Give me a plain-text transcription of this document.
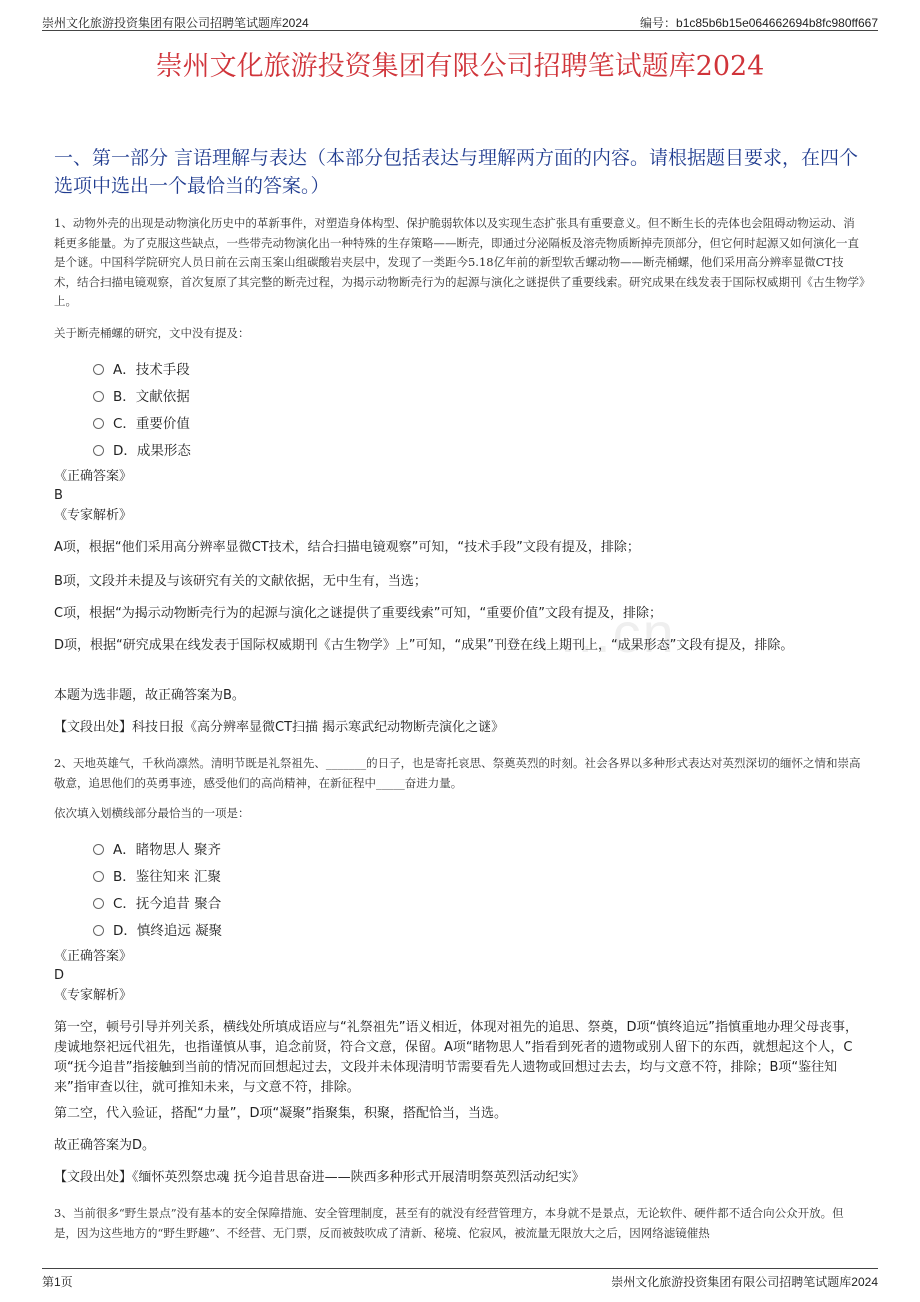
崇州文化旅游投资集团有限公司招聘笔试题库2024	编号：b1c85b6b15e064662694b8fc980ff667
崇州文化旅游投资集团有限公司招聘笔试题库2024
一、第一部分 言语理解与表达（本部分包括表达与理解两方面的内容。请根据题目要求，在四个选项中选出一个最恰当的答案。）
...cn

1、动物外壳的出现是动物演化历史中的革新事件，对塑造身体构型、保护脆弱软体以及实现生态扩张具有重要意义。但不断生长的壳体也会阻碍动物运动、消耗更多能量。为了克服这些缺点，一些带壳动物演化出一种特殊的生存策略——断壳，即通过分泌隔板及溶壳物质断掉壳顶部分，但它何时起源又如何演化一直是个谜。中国科学院研究人员日前在云南玉案山组碳酸岩夹层中，发现了一类距今5.18亿年前的新型软舌螺动物——断壳桶螺，他们采用高分辨率显微CT技术，结合扫描电镜观察，首次复原了其完整的断壳过程，为揭示动物断壳行为的起源与演化之谜提供了重要线索。研究成果在线发表于国际权威期刊《古生物学》上。

关于断壳桶螺的研究，文中没有提及：

A．技术手段
B．文献依据
C．重要价值
D．成果形态

《正确答案》

B

《专家解析》

A项，根据“他们采用高分辨率显微CT技术，结合扫描电镜观察”可知，“技术手段”文段有提及，排除；

B项，文段并未提及与该研究有关的文献依据，无中生有，当选；

C项，根据“为揭示动物断壳行为的起源与演化之谜提供了重要线索”可知，“重要价值”文段有提及，排除；

D项，根据“研究成果在线发表于国际权威期刊《古生物学》上”可知，“成果”刊登在线上期刊上，“成果形态”文段有提及，排除。

本题为选非题，故正确答案为B。

【文段出处】科技日报《高分辨率显微CT扫描 揭示寒武纪动物断壳演化之谜》

2、天地英雄气，千秋尚凛然。清明节既是礼祭祖先、_______的日子，也是寄托哀思、祭奠英烈的时刻。社会各界以多种形式表达对英烈深切的缅怀之情和崇高敬意，追思他们的英勇事迹，感受他们的高尚精神，在新征程中_____奋进力量。

依次填入划横线部分最恰当的一项是：

A．睹物思人 聚齐
B．鉴往知来 汇聚
C．抚今追昔 聚合
D．慎终追远 凝聚

《正确答案》

D

《专家解析》

第一空，顿号引导并列关系，横线处所填成语应与“礼祭祖先”语义相近，体现对祖先的追思、祭奠，D项“慎终追远”指慎重地办理父母丧事，虔诚地祭祀远代祖先，也指谨慎从事，追念前贤，符合文意，保留。A项“睹物思人”指看到死者的遗物或别人留下的东西，就想起这个人，C项“抚今追昔”指接触到当前的情况而回想起过去，文段并未体现清明节需要看先人遗物或回想过去去，均与文意不符，排除；B项“鉴往知来”指审查以往，就可推知未来，与文意不符，排除。

第二空，代入验证，搭配“力量”，D项“凝聚”指聚集，积聚，搭配恰当，当选。

故正确答案为D。

【文段出处】《缅怀英烈祭忠魂 抚今追昔思奋进——陕西多种形式开展清明祭英烈活动纪实》

3、当前很多“野生景点”没有基本的安全保障措施、安全管理制度，甚至有的就没有经营管理方，本身就不是景点，无论软件、硬件都不适合向公众开放。但是，因为这些地方的“野生野趣”、不经营、无门票，反而被鼓吹成了清新、秘境、佗寂风，被流量无限放大之后，因网络滤镜催热

第1页	崇州文化旅游投资集团有限公司招聘笔试题库2024
